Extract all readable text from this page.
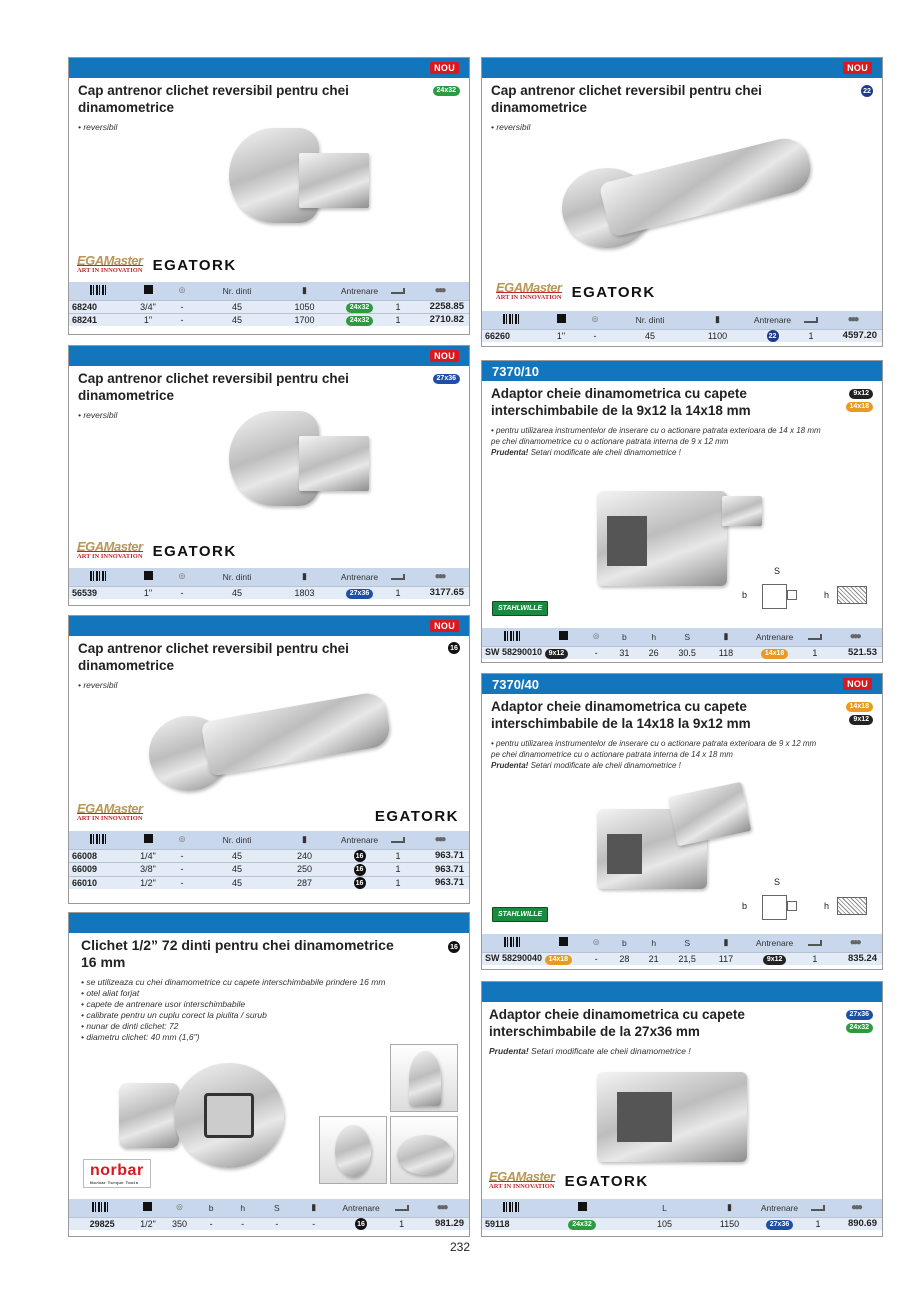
NOU
Cap antrenor clichet reversibil pentru chei dinamometrice
24x32
• reversibil
EGAMaster
ART IN INNOVATION EGATORK
		⊚	Nr. dinti	▮	Antrenare		●●●
68240	3/4"	-	45	1050	24x32	1	2258.85
68241	1"	-	45	1700	24x32	1	2710.82
NOU
Cap antrenor clichet reversibil pentru chei dinamometrice
27x36
• reversibil
EGAMaster
ART IN INNOVATION EGATORK
		⊚	Nr. dinti	▮	Antrenare		●●●
56539	1"	-	45	1803	27x36	1	3177.65
NOU
Cap antrenor clichet reversibil pentru chei dinamometrice
16
• reversibil
EGAMaster
ART IN INNOVATION	EGATORK
		⊚	Nr. dinti	▮	Antrenare		●●●
66008	1/4"	-	45	240	16	1	963.71
66009	3/8"	-	45	250	16	1	963.71
66010	1/2"	-	45	287	16	1	963.71
Clichet 1/2” 72 dinti pentru chei dinamometrice 16 mm
16
• se utilizeaza cu chei dinamometrice cu capete interschimbabile prindere 16 mm
• otel aliat forjat
• capete de antrenare usor interschimbabile
• calibrate pentru un cuplu corect la piulita / surub
• nunar de dinti clichet: 72
• diametru clichet: 40 mm (1,6")
norbar
Norbar Torque Tools
		⊚	b	h	S	▮	Antrenare		●●●
29825	1/2"	350	-	-	-	-	16	1	981.29
NOU
Cap antrenor clichet reversibil pentru chei dinamometrice
22
• reversibil
EGAMaster
ART IN INNOVATION EGATORK
		⊚	Nr. dinti	▮	Antrenare		●●●
66260	1"	-	45	1100	22	1	4597.20
7370/10
Adaptor cheie dinamometrica cu capete interschimbabile de la 9x12 la 14x18 mm
9x12
14x18
• pentru utilizarea instrumentelor de inserare cu o actionare patrata exterioara de 14 x 18 mm
pe chei dinamometrice cu o actionare patrata interna de 9 x 12 mm
Prudenta! Setari modificate ale cheii dinamometrice !
S
b	h
STAHLWILLE
		⊚	b	h	S	▮	Antrenare		●●●
SW 58290010 9x12		-	31	26	30.5	118	14x18	1	521.53
7370/40	NOU
Adaptor cheie dinamometrica cu capete interschimbabile de la 14x18 la 9x12 mm
14x18
9x12
• pentru utilizarea instrumentelor de inserare cu o actionare patrata exterioara de 9 x 12 mm
pe chei dinamometrice cu o actionare patrata interna de 14 x 18 mm
Prudenta! Setari modificate ale cheii dinamometrice !
S
b	h
STAHLWILLE
		⊚	b	h	S	▮	Antrenare		●●●
SW 58290040 14x18		-	28	21	21,5	117	9x12	1	835.24
Adaptor cheie dinamometrica cu capete interschimbabile de la 27x36 mm
27x36
24x32
Prudenta! Setari modificate ale cheii dinamometrice !
EGAMaster
ART IN INNOVATION EGATORK
		L	▮	Antrenare		●●●
59118	24x32	105	1150	27x36	1	890.69
232
